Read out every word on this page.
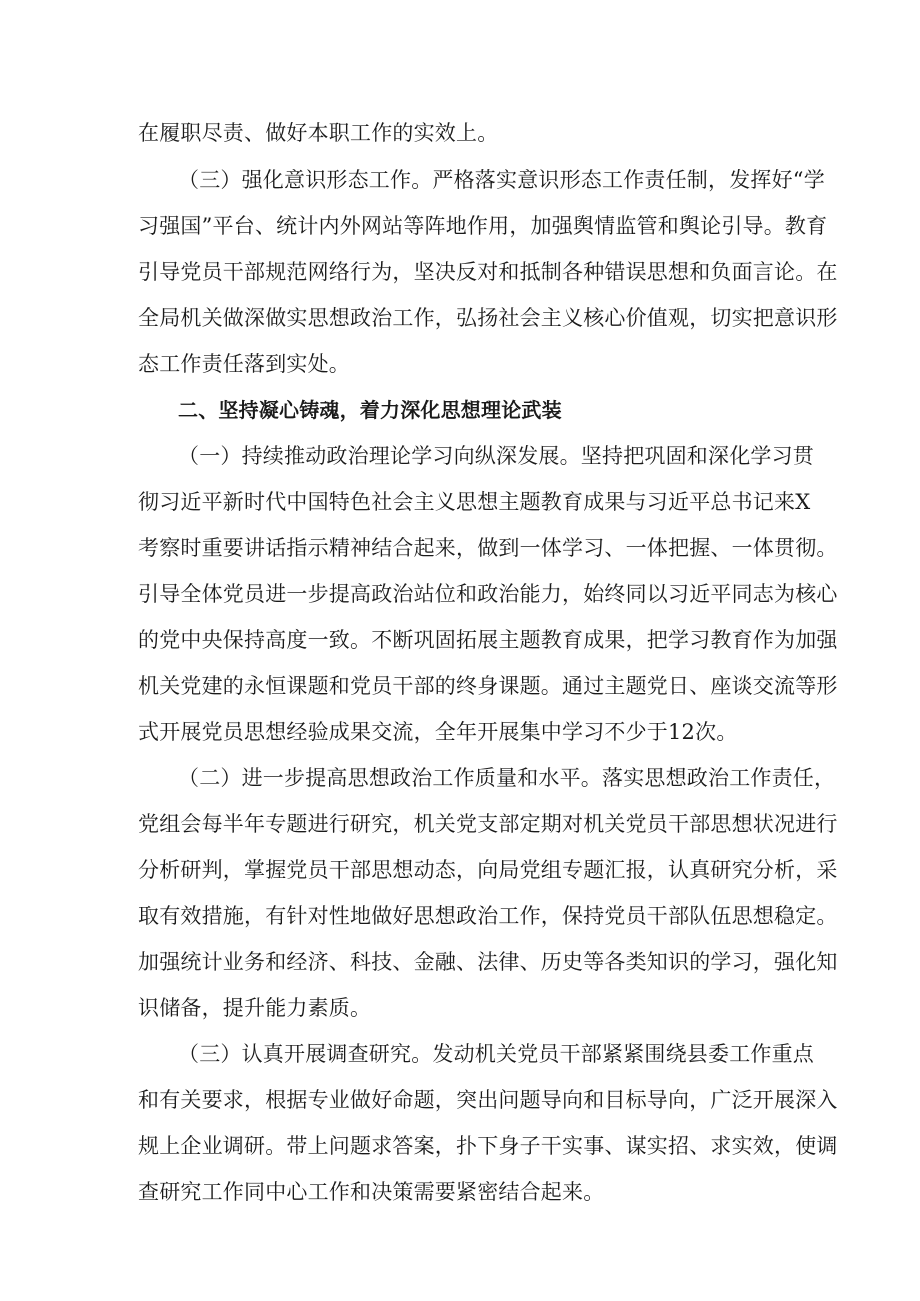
在履职尽责、做好本职工作的实效上。
（三）强化意识形态工作。严格落实意识形态工作责任制，发挥好“学
习强国”平台、统计内外网站等阵地作用，加强舆情监管和舆论引导。教育
引导党员干部规范网络行为，坚决反对和抵制各种错误思想和负面言论。在
全局机关做深做实思想政治工作，弘扬社会主义核心价值观，切实把意识形
态工作责任落到实处。
二、坚持凝心铸魂，着力深化思想理论武装
（一）持续推动政治理论学习向纵深发展。坚持把巩固和深化学习贯
彻习近平新时代中国特色社会主义思想主题教育成果与习近平总书记来X
考察时重要讲话指示精神结合起来，做到一体学习、一体把握、一体贯彻。
引导全体党员进一步提高政治站位和政治能力，始终同以习近平同志为核心
的党中央保持高度一致。不断巩固拓展主题教育成果，把学习教育作为加强
机关党建的永恒课题和党员干部的终身课题。通过主题党日、座谈交流等形
式开展党员思想经验成果交流，全年开展集中学习不少于12次。
（二）进一步提高思想政治工作质量和水平。落实思想政治工作责任，
党组会每半年专题进行研究，机关党支部定期对机关党员干部思想状况进行
分析研判，掌握党员干部思想动态，向局党组专题汇报，认真研究分析，采
取有效措施，有针对性地做好思想政治工作，保持党员干部队伍思想稳定。
加强统计业务和经济、科技、金融、法律、历史等各类知识的学习，强化知
识储备，提升能力素质。
（三）认真开展调查研究。发动机关党员干部紧紧围绕县委工作重点
和有关要求，根据专业做好命题，突出问题导向和目标导向，广泛开展深入
规上企业调研。带上问题求答案，扑下身子干实事、谋实招、求实效，使调
查研究工作同中心工作和决策需要紧密结合起来。
